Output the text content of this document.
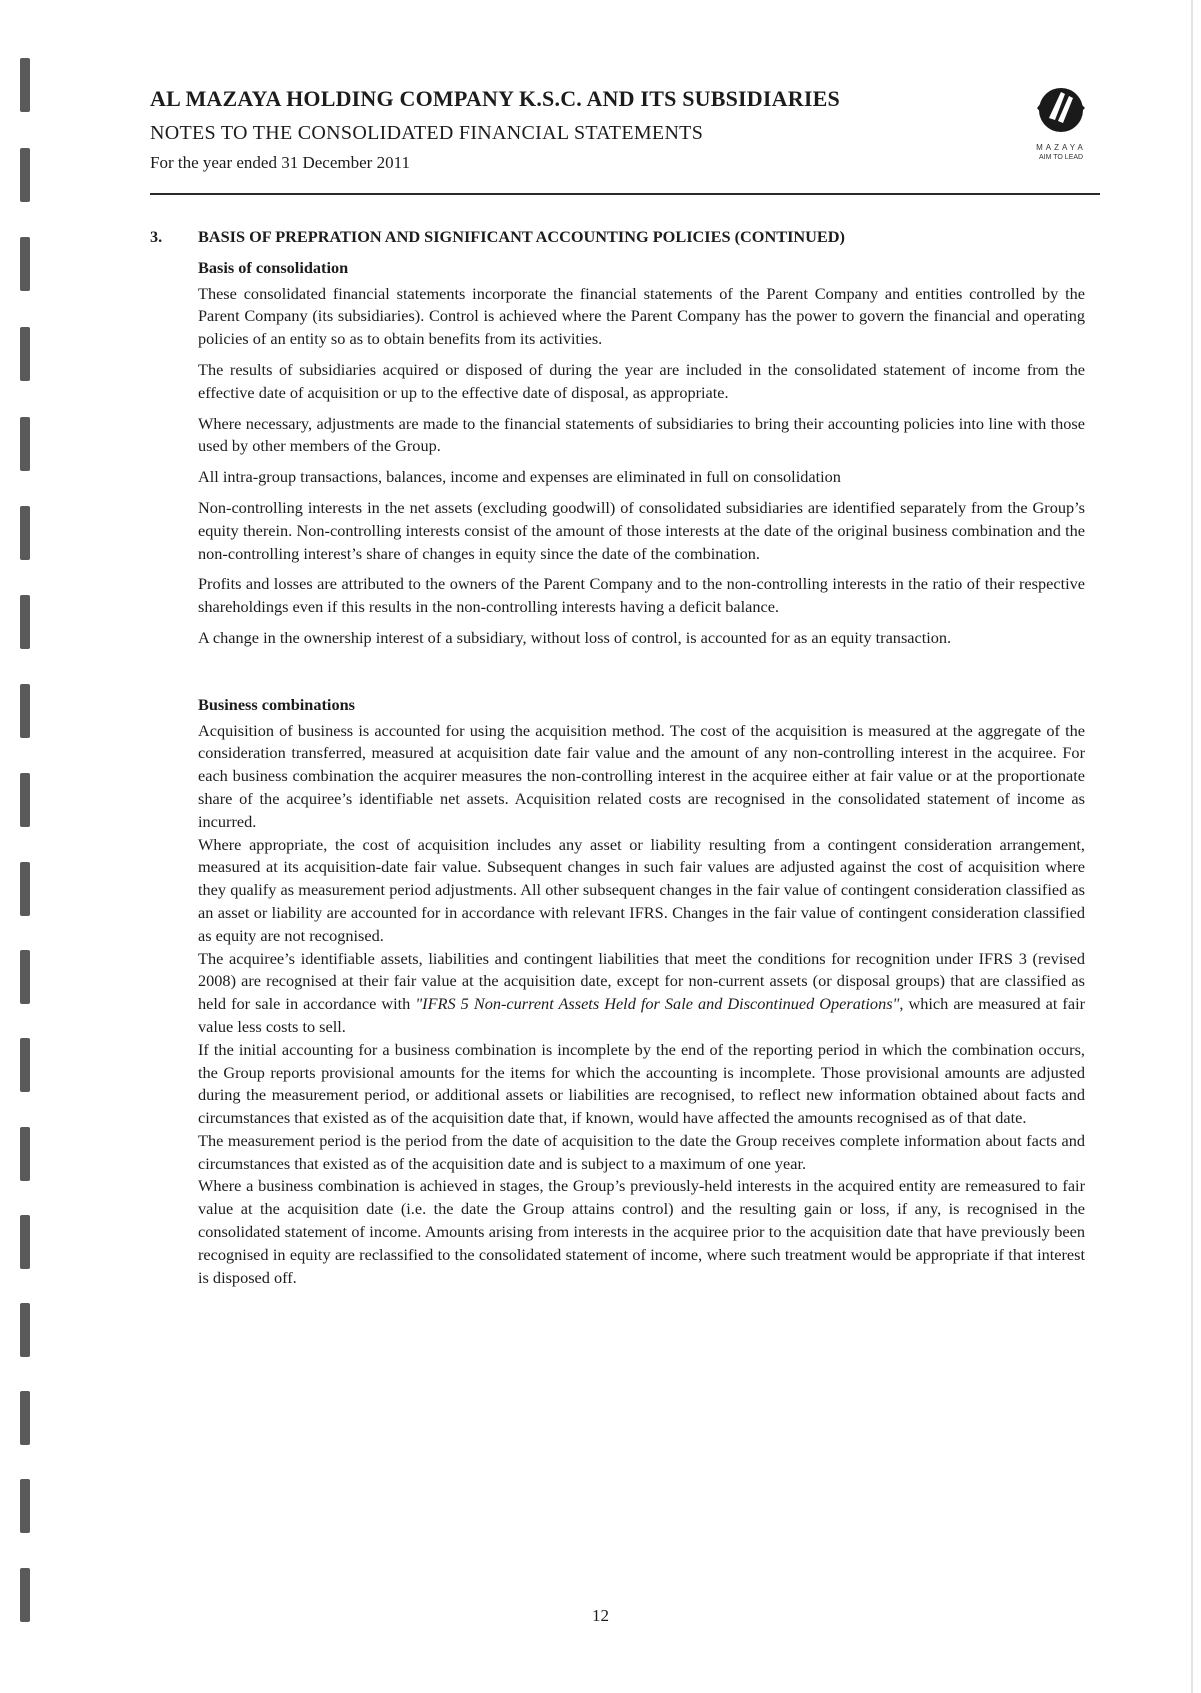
AL MAZAYA HOLDING COMPANY K.S.C. AND ITS SUBSIDIARIES
NOTES TO THE CONSOLIDATED FINANCIAL STATEMENTS
For the year ended 31 December 2011
MAZAYA
AIM TO LEAD
3.	BASIS OF PREPRATION AND SIGNIFICANT ACCOUNTING POLICIES (CONTINUED)
Basis of consolidation

These consolidated financial statements incorporate the financial statements of the Parent Company and entities controlled by the Parent Company (its subsidiaries). Control is achieved where the Parent Company has the power to govern the financial and operating policies of an entity so as to obtain benefits from its activities.

The results of subsidiaries acquired or disposed of during the year are included in the consolidated statement of income from the effective date of acquisition or up to the effective date of disposal, as appropriate.

Where necessary, adjustments are made to the financial statements of subsidiaries to bring their accounting policies into line with those used by other members of the Group.

All intra-group transactions, balances, income and expenses are eliminated in full on consolidation

Non-controlling interests in the net assets (excluding goodwill) of consolidated subsidiaries are identified separately from the Group’s equity therein. Non-controlling interests consist of the amount of those interests at the date of the original business combination and the non-controlling interest’s share of changes in equity since the date of the combination.

Profits and losses are attributed to the owners of the Parent Company and to the non-controlling interests in the ratio of their respective shareholdings even if this results in the non-controlling interests having a deficit balance.

A change in the ownership interest of a subsidiary, without loss of control, is accounted for as an equity transaction.

Business combinations

Acquisition of business is accounted for using the acquisition method. The cost of the acquisition is measured at the aggregate of the consideration transferred, measured at acquisition date fair value and the amount of any non-controlling interest in the acquiree. For each business combination the acquirer measures the non-controlling interest in the acquiree either at fair value or at the proportionate share of the acquiree’s identifiable net assets. Acquisition related costs are recognised in the consolidated statement of income as incurred.

Where appropriate, the cost of acquisition includes any asset or liability resulting from a contingent consideration arrangement, measured at its acquisition-date fair value. Subsequent changes in such fair values are adjusted against the cost of acquisition where they qualify as measurement period adjustments. All other subsequent changes in the fair value of contingent consideration classified as an asset or liability are accounted for in accordance with relevant IFRS. Changes in the fair value of contingent consideration classified as equity are not recognised.

The acquiree’s identifiable assets, liabilities and contingent liabilities that meet the conditions for recognition under IFRS 3 (revised 2008) are recognised at their fair value at the acquisition date, except for non-current assets (or disposal groups) that are classified as held for sale in accordance with "IFRS 5 Non-current Assets Held for Sale and Discontinued Operations", which are measured at fair value less costs to sell.

If the initial accounting for a business combination is incomplete by the end of the reporting period in which the combination occurs, the Group reports provisional amounts for the items for which the accounting is incomplete. Those provisional amounts are adjusted during the measurement period, or additional assets or liabilities are recognised, to reflect new information obtained about facts and circumstances that existed as of the acquisition date that, if known, would have affected the amounts recognised as of that date.

The measurement period is the period from the date of acquisition to the date the Group receives complete information about facts and circumstances that existed as of the acquisition date and is subject to a maximum of one year.

Where a business combination is achieved in stages, the Group’s previously-held interests in the acquired entity are remeasured to fair value at the acquisition date (i.e. the date the Group attains control) and the resulting gain or loss, if any, is recognised in the consolidated statement of income. Amounts arising from interests in the acquiree prior to the acquisition date that have previously been recognised in equity are reclassified to the consolidated statement of income, where such treatment would be appropriate if that interest is disposed off.

12
